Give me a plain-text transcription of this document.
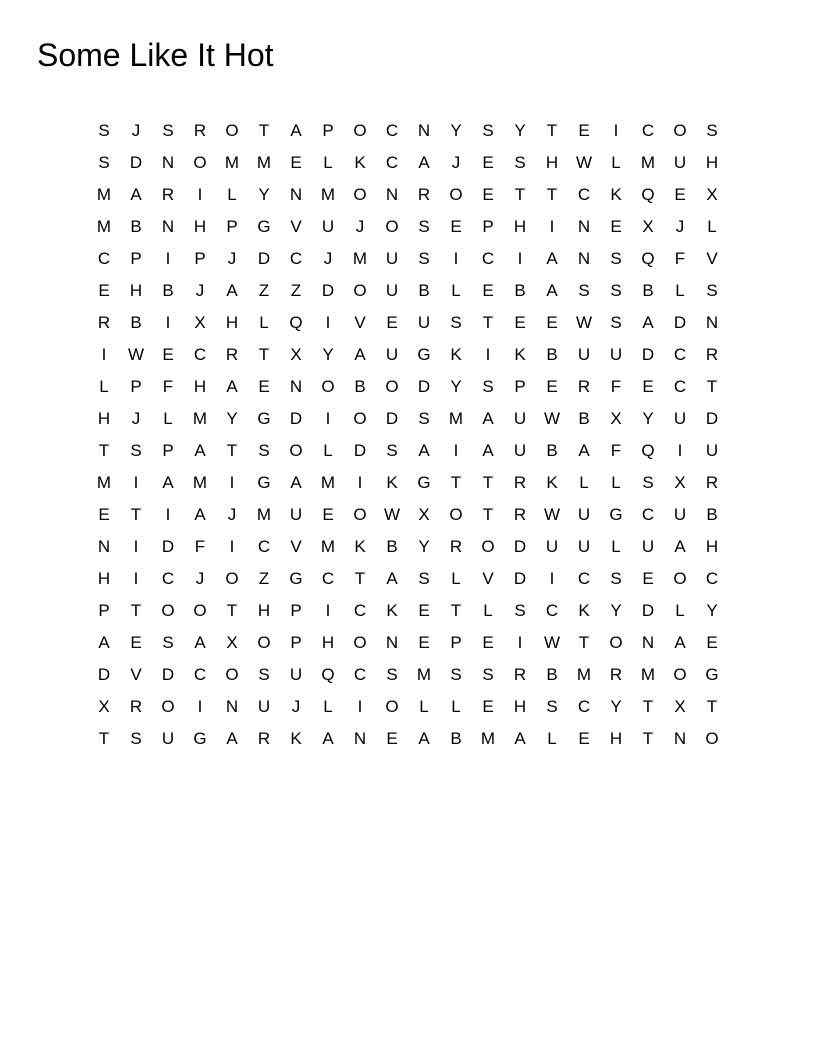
Some Like It Hot
S	J	S	R	O	T	A	P	O	C	N	Y	S	Y	T	E	I	C	O	S
S	D	N	O	M	M	E	L	K	C	A	J	E	S	H	W	L	M	U	H
M	A	R	I	L	Y	N	M	O	N	R	O	E	T	T	C	K	Q	E	X
M	B	N	H	P	G	V	U	J	O	S	E	P	H	I	N	E	X	J	L
C	P	I	P	J	D	C	J	M	U	S	I	C	I	A	N	S	Q	F	V
E	H	B	J	A	Z	Z	D	O	U	B	L	E	B	A	S	S	B	L	S
R	B	I	X	H	L	Q	I	V	E	U	S	T	E	E	W	S	A	D	N
I	W	E	C	R	T	X	Y	A	U	G	K	I	K	B	U	U	D	C	R
L	P	F	H	A	E	N	O	B	O	D	Y	S	P	E	R	F	E	C	T
H	J	L	M	Y	G	D	I	O	D	S	M	A	U	W	B	X	Y	U	D
T	S	P	A	T	S	O	L	D	S	A	I	A	U	B	A	F	Q	I	U
M	I	A	M	I	G	A	M	I	K	G	T	T	R	K	L	L	S	X	R
E	T	I	A	J	M	U	E	O	W	X	O	T	R	W	U	G	C	U	B
N	I	D	F	I	C	V	M	K	B	Y	R	O	D	U	U	L	U	A	H
H	I	C	J	O	Z	G	C	T	A	S	L	V	D	I	C	S	E	O	C
P	T	O	O	T	H	P	I	C	K	E	T	L	S	C	K	Y	D	L	Y
A	E	S	A	X	O	P	H	O	N	E	P	E	I	W	T	O	N	A	E
D	V	D	C	O	S	U	Q	C	S	M	S	S	R	B	M	R	M	O	G
X	R	O	I	N	U	J	L	I	O	L	L	E	H	S	C	Y	T	X	T
T	S	U	G	A	R	K	A	N	E	A	B	M	A	L	E	H	T	N	O
